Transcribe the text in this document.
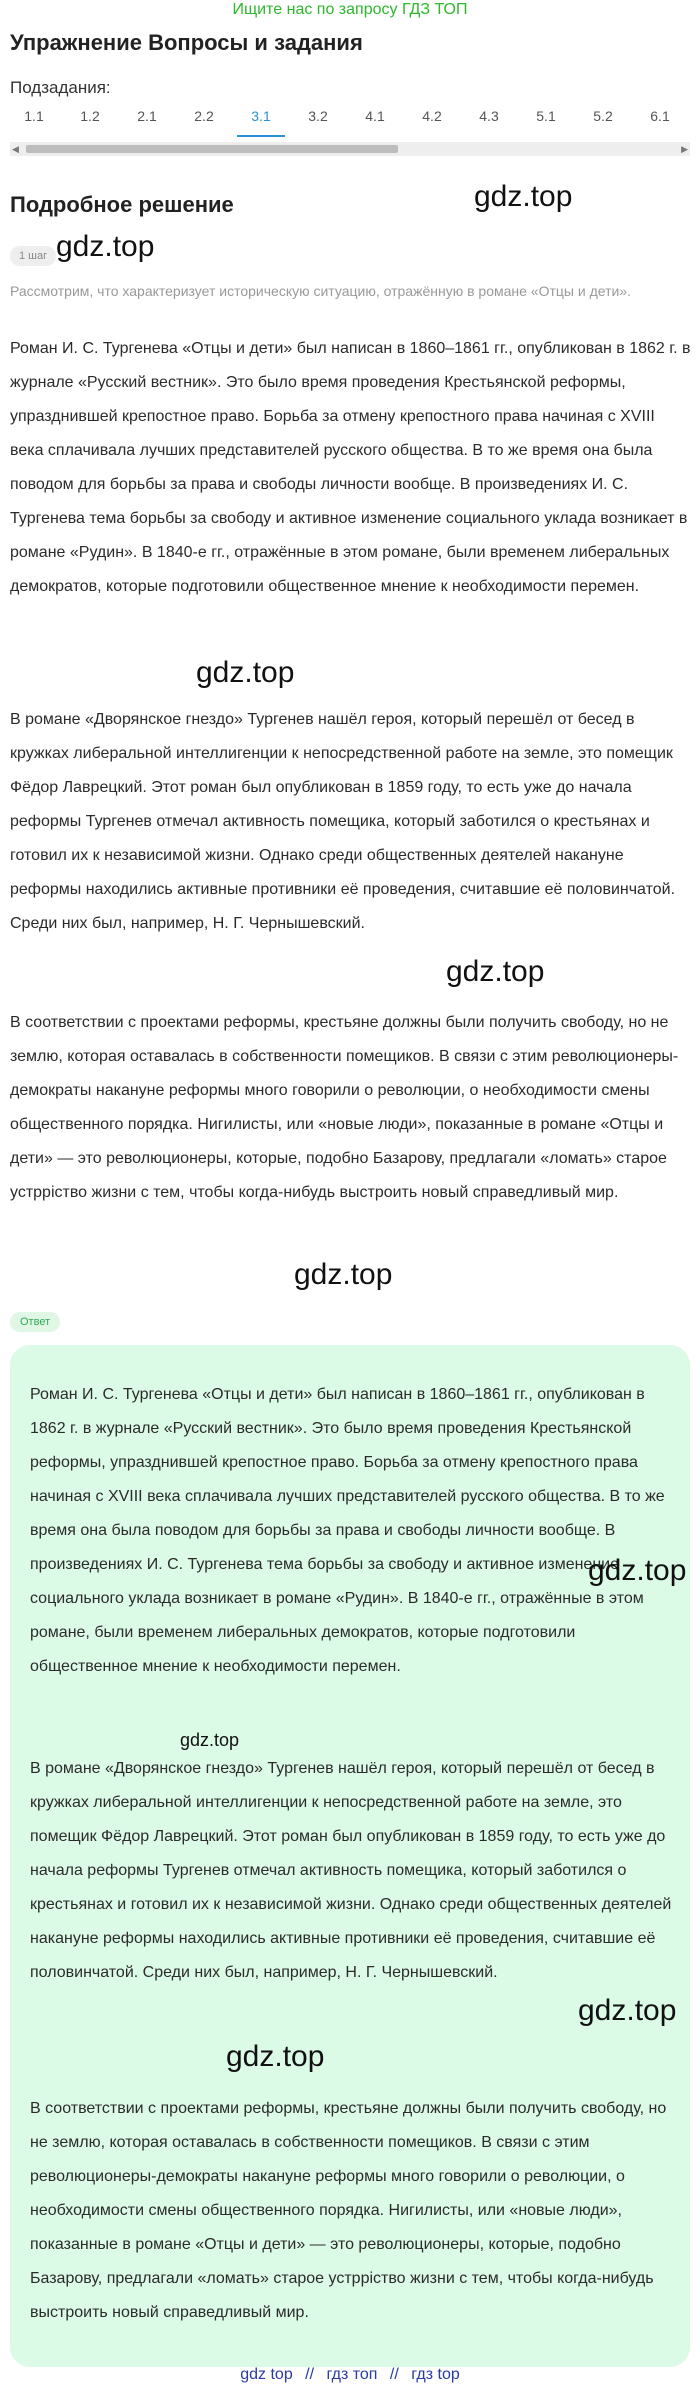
Ищите нас по запросу ГДЗ ТОП
Упражнение Вопросы и задания
Подзадания:
1.1	1.2	2.1	2.2	3.1	3.2	4.1	4.2	4.3	5.1	5.2	6.1
◀	▶
Подробное решение	gdz.top
1 шаг gdz.top
Рассмотрим, что характеризует историческую ситуацию, отражённую в романе «Отцы и дети».
Роман И. С. Тургенева «Отцы и дети» был написан в 1860–1861 гг., опубликован в 1862 г. в журнале «Русский вестник». Это было время проведения Крестьянской реформы, упразднившей крепостное право. Борьба за отмену крепостного права начиная с XVIII века сплачивала лучших представителей русского общества. В то же время она была поводом для борьбы за права и свободы личности вообще. В произведениях И. С. Тургенева тема борьбы за свободу и активное изменение социального уклада возникает в романе «Рудин». В 1840-е гг., отражённые в этом романе, были временем либеральных демократов, которые подготовили общественное мнение к необходимости перемен.
gdz.top
В романе «Дворянское гнездо» Тургенев нашёл героя, который перешёл от бесед в кружках либеральной интеллигенции к непосредственной работе на земле, это помещик Фёдор Лаврецкий. Этот роман был опубликован в 1859 году, то есть уже до начала реформы Тургенев отмечал активность помещика, который заботился о крестьянах и готовил их к независимой жизни. Однако среди общественных деятелей накануне реформы находились активные противники её проведения, считавшие её половинчатой. Среди них был, например, Н. Г. Чернышевский.
gdz.top
В соответствии с проектами реформы, крестьяне должны были получить свободу, но не землю, которая оставалась в собственности помещиков. В связи с этим революционеры-демократы накануне реформы много говорили о революции, о необходимости смены общественного порядка. Нигилисты, или «новые люди», показанные в романе «Отцы и дети» — это революционеры, которые, подобно Базарову, предлагали «ломать» старое устрріство жизни с тем, чтобы когда-нибудь выстроить новый справедливый мир.
gdz.top
Ответ
Роман И. С. Тургенева «Отцы и дети» был написан в 1860–1861 гг., опубликован в 1862 г. в журнале «Русский вестник». Это было время проведения Крестьянской реформы, упразднившей крепостное право. Борьба за отмену крепостного права начиная с XVIII века сплачивала лучших представителей русского общества. В то же время она была поводом для борьбы за права и свободы личности вообще. В произведениях И. С. Тургенева тема борьбы за свободу и активное изменение социального уклада возникает в романе «Рудин». В 1840-е гг., отражённые в этом романе, были временем либеральных демократов, которые подготовили общественное мнение к необходимости перемен.
gdz.top
gdz.top
В романе «Дворянское гнездо» Тургенев нашёл героя, который перешёл от бесед в кружках либеральной интеллигенции к непосредственной работе на земле, это помещик Фёдор Лаврецкий. Этот роман был опубликован в 1859 году, то есть уже до начала реформы Тургенев отмечал активность помещика, который заботился о крестьянах и готовил их к независимой жизни. Однако среди общественных деятелей накануне реформы находились активные противники её проведения, считавшие её половинчатой. Среди них был, например, Н. Г. Чернышевский.
gdz.top
gdz.top
В соответствии с проектами реформы, крестьяне должны были получить свободу, но не землю, которая оставалась в собственности помещиков. В связи с этим революционеры-демократы накануне реформы много говорили о революции, о необходимости смены общественного порядка. Нигилисты, или «новые люди», показанные в романе «Отцы и дети» — это революционеры, которые, подобно Базарову, предлагали «ломать» старое устрріство жизни с тем, чтобы когда-нибудь выстроить новый справедливый мир.
gdz top // гдз топ // гдз top
